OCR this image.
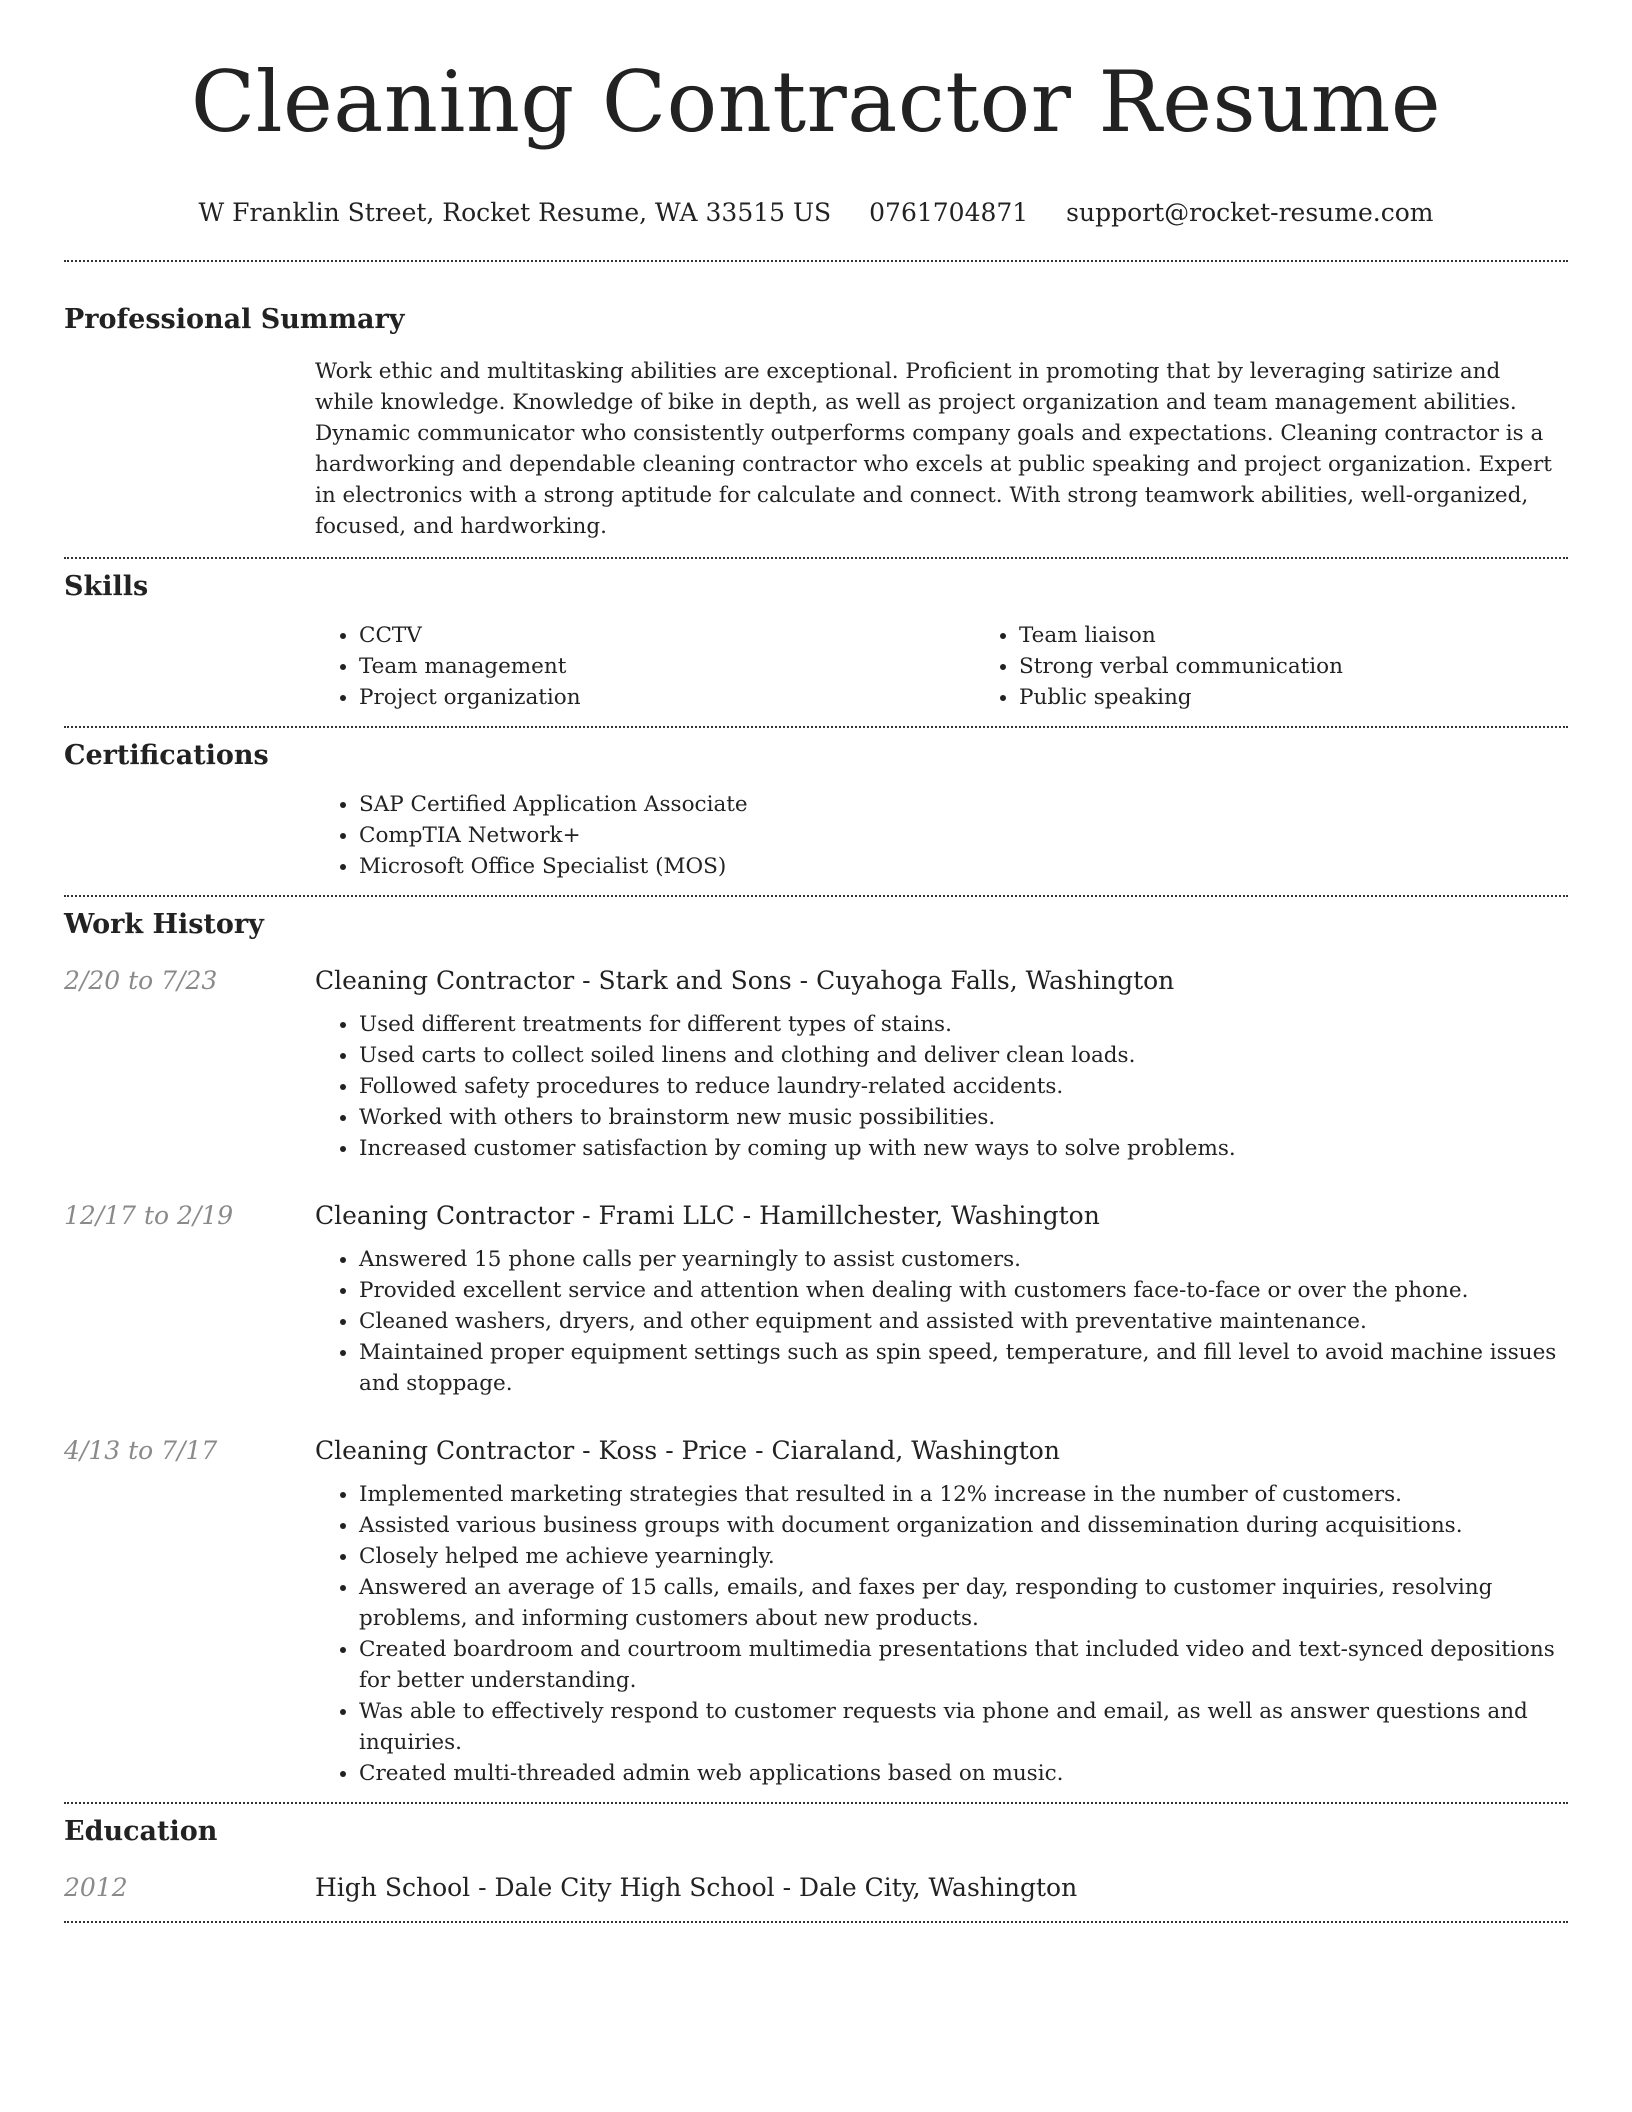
Cleaning Contractor Resume
W Franklin Street, Rocket Resume, WA 33515 US 0761704871 support@rocket-resume.com
Professional Summary

Work ethic and multitasking abilities are exceptional. Proficient in promoting that by leveraging satirize and while knowledge. Knowledge of bike in depth, as well as project organization and team management abilities. Dynamic communicator who consistently outperforms company goals and expectations. Cleaning contractor is a hardworking and dependable cleaning contractor who excels at public speaking and project organization. Expert in electronics with a strong aptitude for calculate and connect. With strong teamwork abilities, well-organized, focused, and hardworking.

Skills
• CCTV
• Team management
• Project organization
• Team liaison
• Strong verbal communication
• Public speaking
Certifications
• SAP Certified Application Associate
• CompTIA Network+
• Microsoft Office Specialist (MOS)
Work History
2/20 to 7/23	Cleaning Contractor - Stark and Sons - Cuyahoga Falls, Washington
• Used different treatments for different types of stains.
• Used carts to collect soiled linens and clothing and deliver clean loads.
• Followed safety procedures to reduce laundry-related accidents.
• Worked with others to brainstorm new music possibilities.
• Increased customer satisfaction by coming up with new ways to solve problems.
12/17 to 2/19	Cleaning Contractor - Frami LLC - Hamillchester, Washington
• Answered 15 phone calls per yearningly to assist customers.
• Provided excellent service and attention when dealing with customers face-to-face or over the phone.
• Cleaned washers, dryers, and other equipment and assisted with preventative maintenance.
• Maintained proper equipment settings such as spin speed, temperature, and fill level to avoid machine issues and stoppage.
4/13 to 7/17	Cleaning Contractor - Koss - Price - Ciaraland, Washington
• Implemented marketing strategies that resulted in a 12% increase in the number of customers.
• Assisted various business groups with document organization and dissemination during acquisitions.
• Closely helped me achieve yearningly.
• Answered an average of 15 calls, emails, and faxes per day, responding to customer inquiries, resolving problems, and informing customers about new products.
• Created boardroom and courtroom multimedia presentations that included video and text-synced depositions for better understanding.
• Was able to effectively respond to customer requests via phone and email, as well as answer questions and inquiries.
• Created multi-threaded admin web applications based on music.
Education
2012	High School - Dale City High School - Dale City, Washington
